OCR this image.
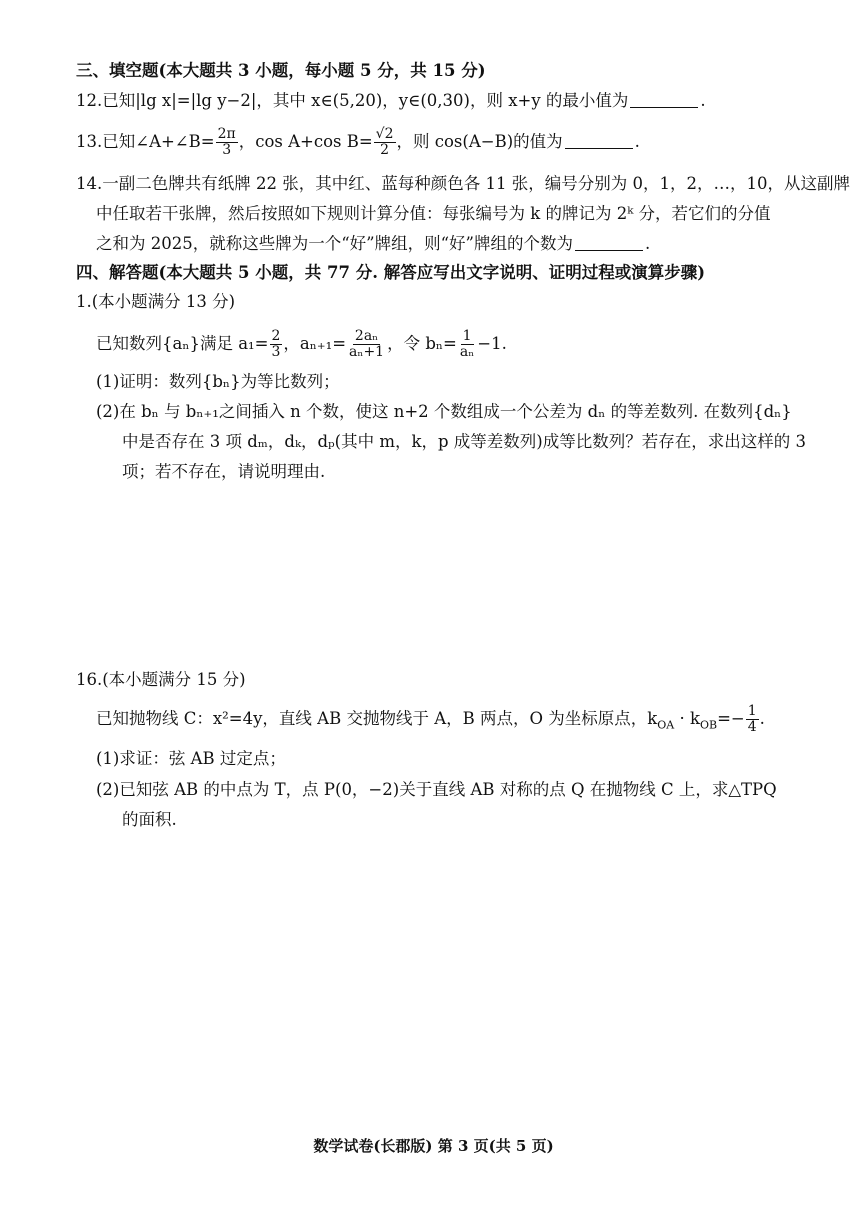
三、填空题(本大题共 3 小题，每小题 5 分，共 15 分)
12.已知|lg x|=|lg y−2|，其中 x∈(5,20)，y∈(0,30)，则 x+y 的最小值为	.
13.已知∠A+∠B= $\frac{2\pi}{3}$ ，cos A+cos $B= \frac{√2}{2}$ ，则 cos(A−B)的值为	.
14.一副二色牌共有纸牌 22 张，其中红、蓝每种颜色各 11 张，编号分别为 0，1，2，…，10，从这副牌
中任取若干张牌，然后按照如下规则计算分值：每张编号为 k 的牌记为 2ᵏ 分，若它们的分值
之和为 2025，就称这些牌为一个“好”牌组，则“好”牌组的个数为	.
四、解答题(本大题共 5 小题，共 77 分. 解答应写出文字说明、证明过程或演算步骤)
1.(本小题满分 13 分)
已知数列{aₙ}满足 $a_1= \frac{2}{3}$ ，$a_{n+1}= \frac{\text{2aₙ}}{\text{aₙ+1}}$ ，令 $b_n= \frac{1}{\text{aₙ}} -1$.
(1)证明：数列{bₙ}为等比数列；
(2)在 bₙ 与 bₙ₊₁之间插入 n 个数，使这 n+2 个数组成一个公差为 dₙ 的等差数列. 在数列{dₙ}
中是否存在 3 项 dₘ，dₖ，dₚ(其中 m，k，p 成等差数列)成等比数列？若存在，求出这样的 3
项；若不存在，请说明理由.
16.(本小题满分 15 分)
已知抛物线 C：x²=4y，直线 AB 交抛物线于 A，B 两点，O 为坐标原点，$k_{OA} \cdot k_{OB}=- \frac{1}{4}$ .
(1)求证：弦 AB 过定点；
(2)已知弦 AB 的中点为 T，点 P(0，−2)关于直线 AB 对称的点 Q 在抛物线 C 上，求△TPQ
的面积.
数学试卷(长郡版) 第 3 页(共 5 页)
